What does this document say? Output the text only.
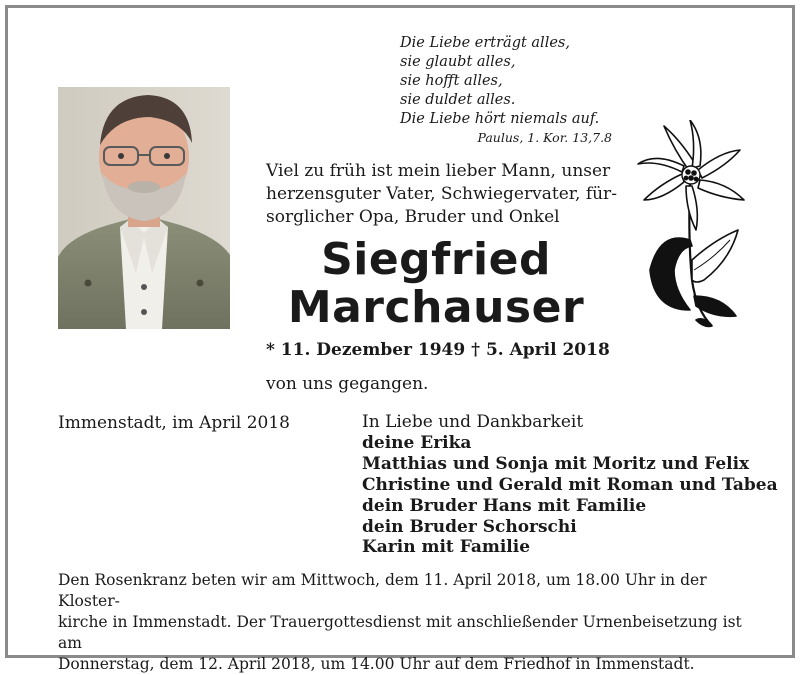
Die Liebe erträgt alles,
sie glaubt alles,
sie hofft alles,
sie duldet alles.
Die Liebe hört niemals auf.
Paulus, 1. Kor. 13,7.8
Viel zu früh ist mein lieber Mann, unser
herzensguter Vater, Schwiegervater, für-
sorglicher Opa, Bruder und Onkel
Siegfried
Marchauser
* 11. Dezember 1949 † 5. April 2018
von uns gegangen.
Immenstadt, im April 2018	In Liebe und Dankbarkeit
deine Erika
Matthias und Sonja mit Moritz und Felix
Christine und Gerald mit Roman und Tabea
dein Bruder Hans mit Familie
dein Bruder Schorschi
Karin mit Familie
Den Rosenkranz beten wir am Mittwoch, dem 11. April 2018, um 18.00 Uhr in der Kloster-
kirche in Immenstadt. Der Trauergottesdienst mit anschließender Urnenbeisetzung ist am
Donnerstag, dem 12. April 2018, um 14.00 Uhr auf dem Friedhof in Immenstadt.
